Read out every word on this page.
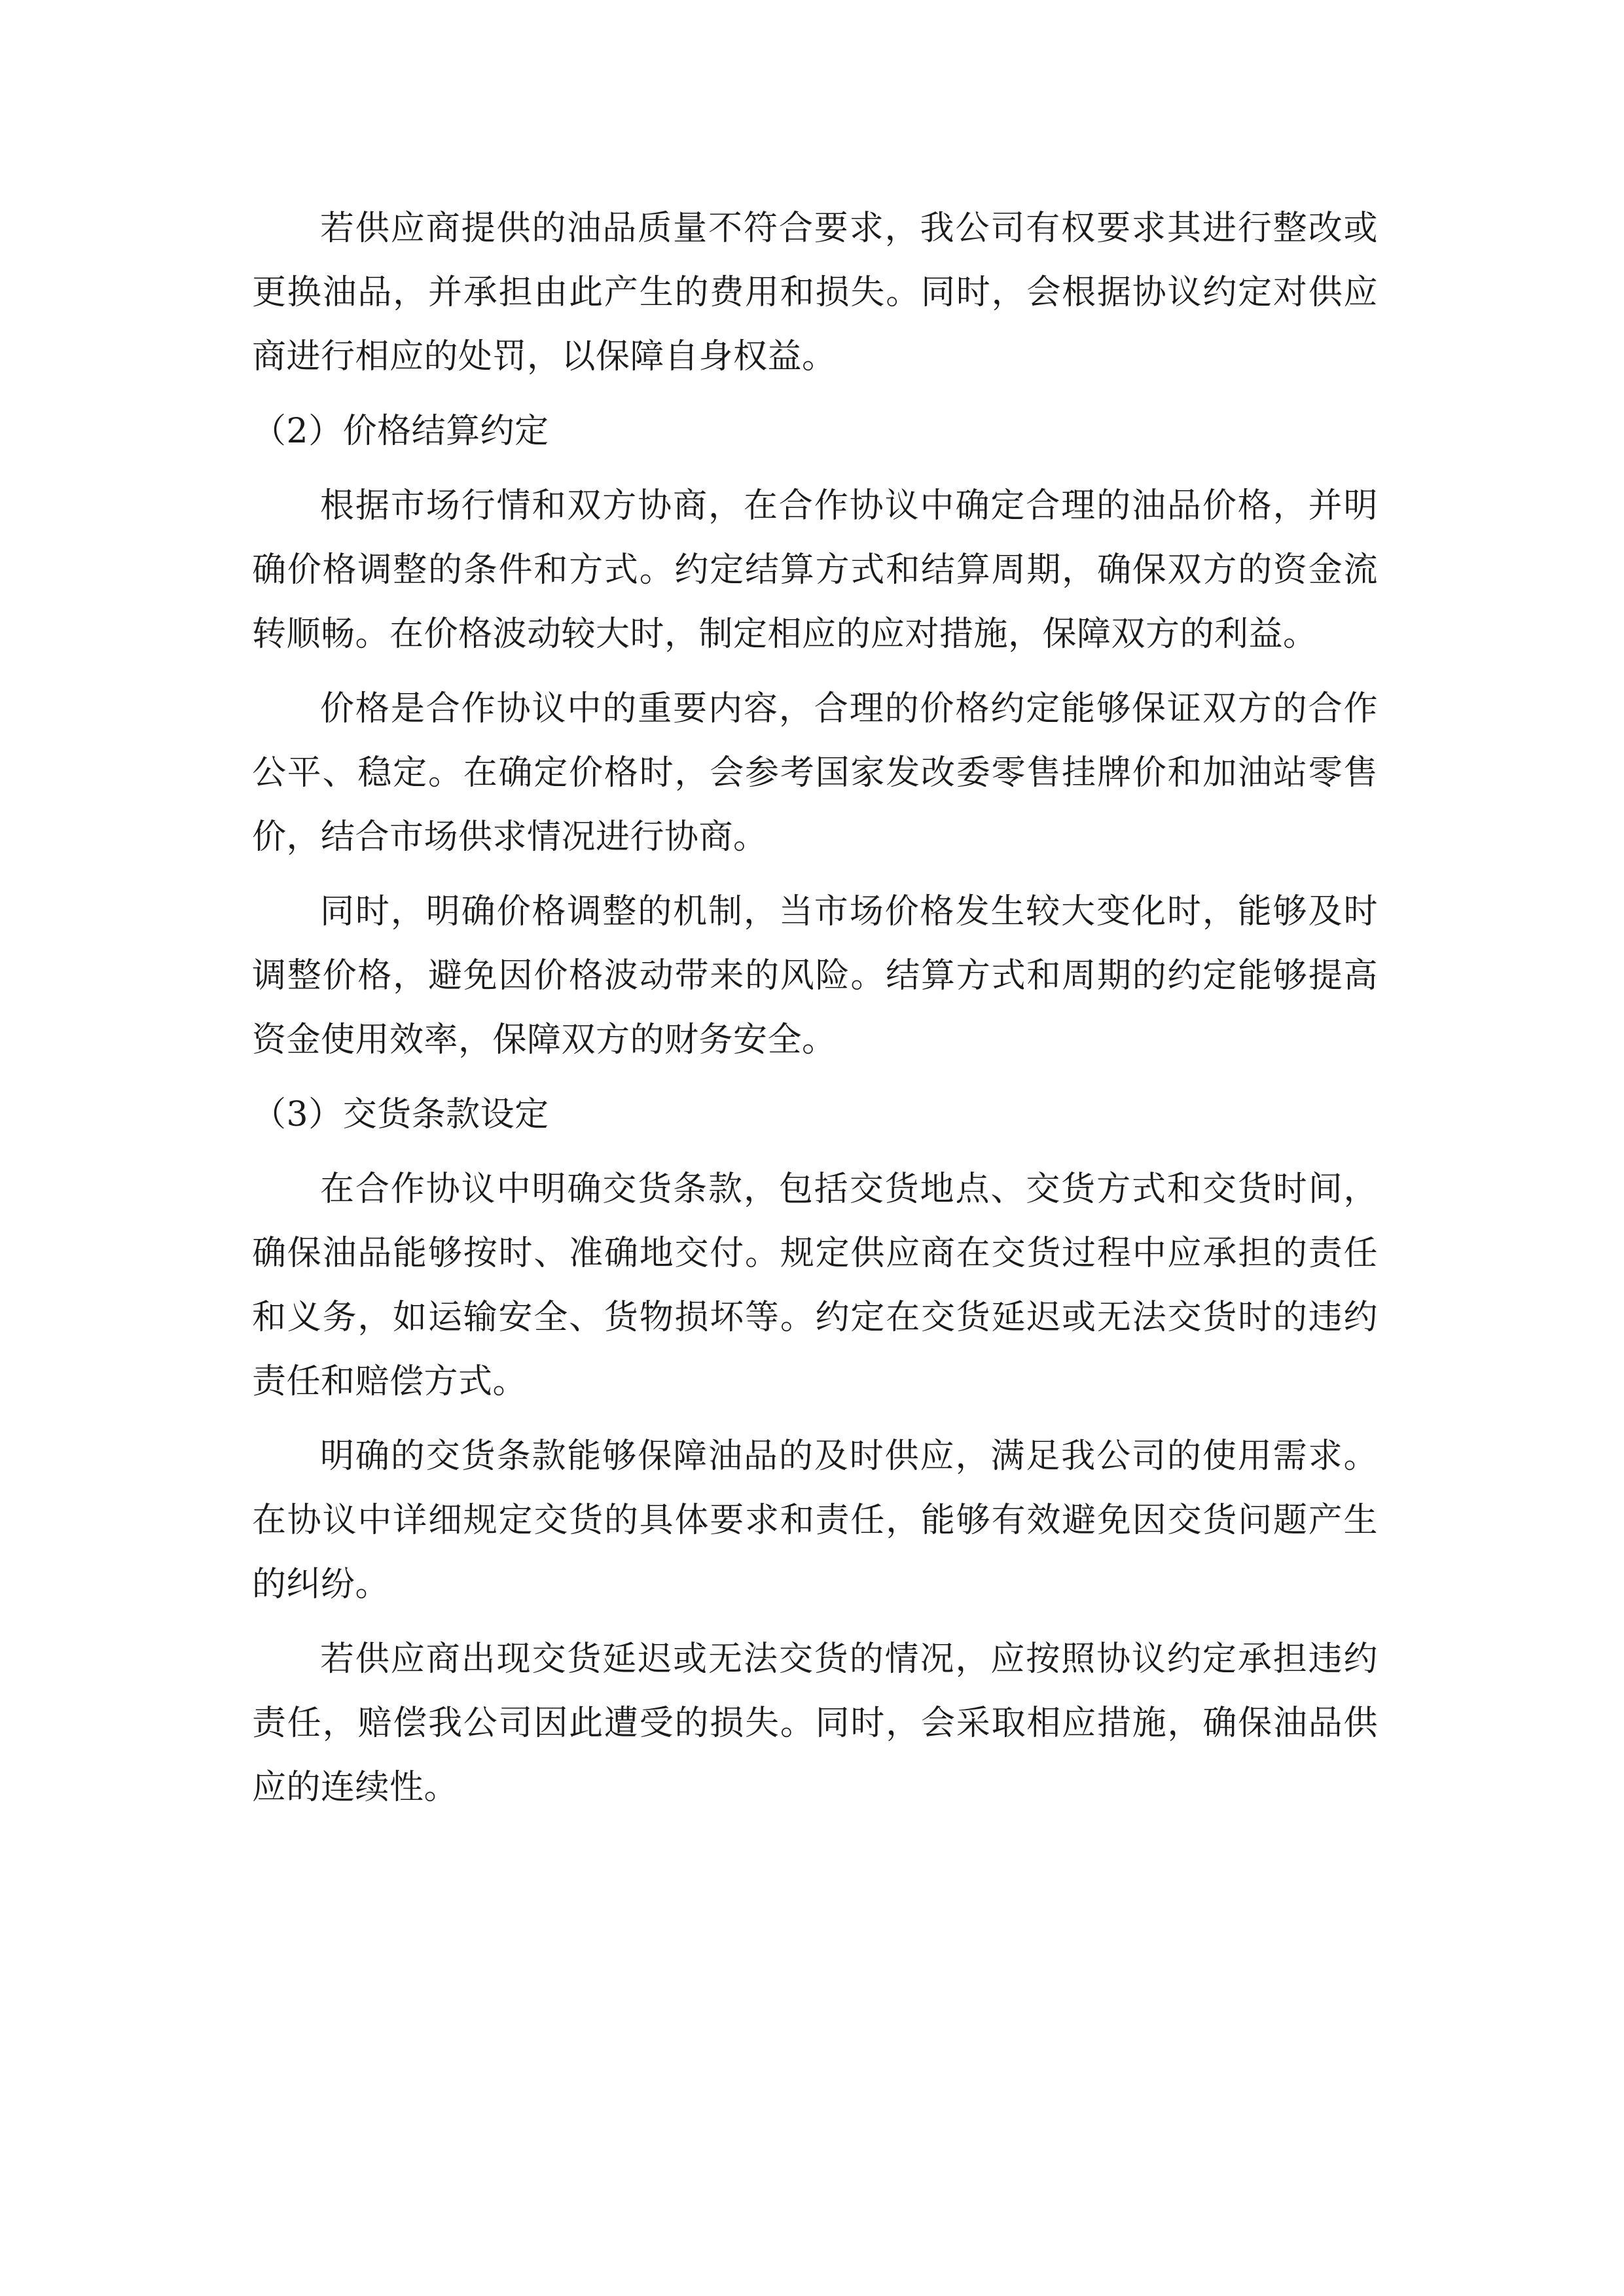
若供应商提供的油品质量不符合要求，我公司有权要求其进行整改或更换油品，并承担由此产生的费用和损失。同时，会根据协议约定对供应商进行相应的处罚，以保障自身权益。

（2）价格结算约定

根据市场行情和双方协商，在合作协议中确定合理的油品价格，并明确价格调整的条件和方式。约定结算方式和结算周期，确保双方的资金流转顺畅。在价格波动较大时，制定相应的应对措施，保障双方的利益。

价格是合作协议中的重要内容，合理的价格约定能够保证双方的合作公平、稳定。在确定价格时，会参考国家发改委零售挂牌价和加油站零售价，结合市场供求情况进行协商。

同时，明确价格调整的机制，当市场价格发生较大变化时，能够及时调整价格，避免因价格波动带来的风险。结算方式和周期的约定能够提高资金使用效率，保障双方的财务安全。

（3）交货条款设定

在合作协议中明确交货条款，包括交货地点、交货方式和交货时间，确保油品能够按时、准确地交付。规定供应商在交货过程中应承担的责任和义务，如运输安全、货物损坏等。约定在交货延迟或无法交货时的违约责任和赔偿方式。

明确的交货条款能够保障油品的及时供应，满足我公司的使用需求。在协议中详细规定交货的具体要求和责任，能够有效避免因交货问题产生的纠纷。

若供应商出现交货延迟或无法交货的情况，应按照协议约定承担违约责任，赔偿我公司因此遭受的损失。同时，会采取相应措施，确保油品供应的连续性。
